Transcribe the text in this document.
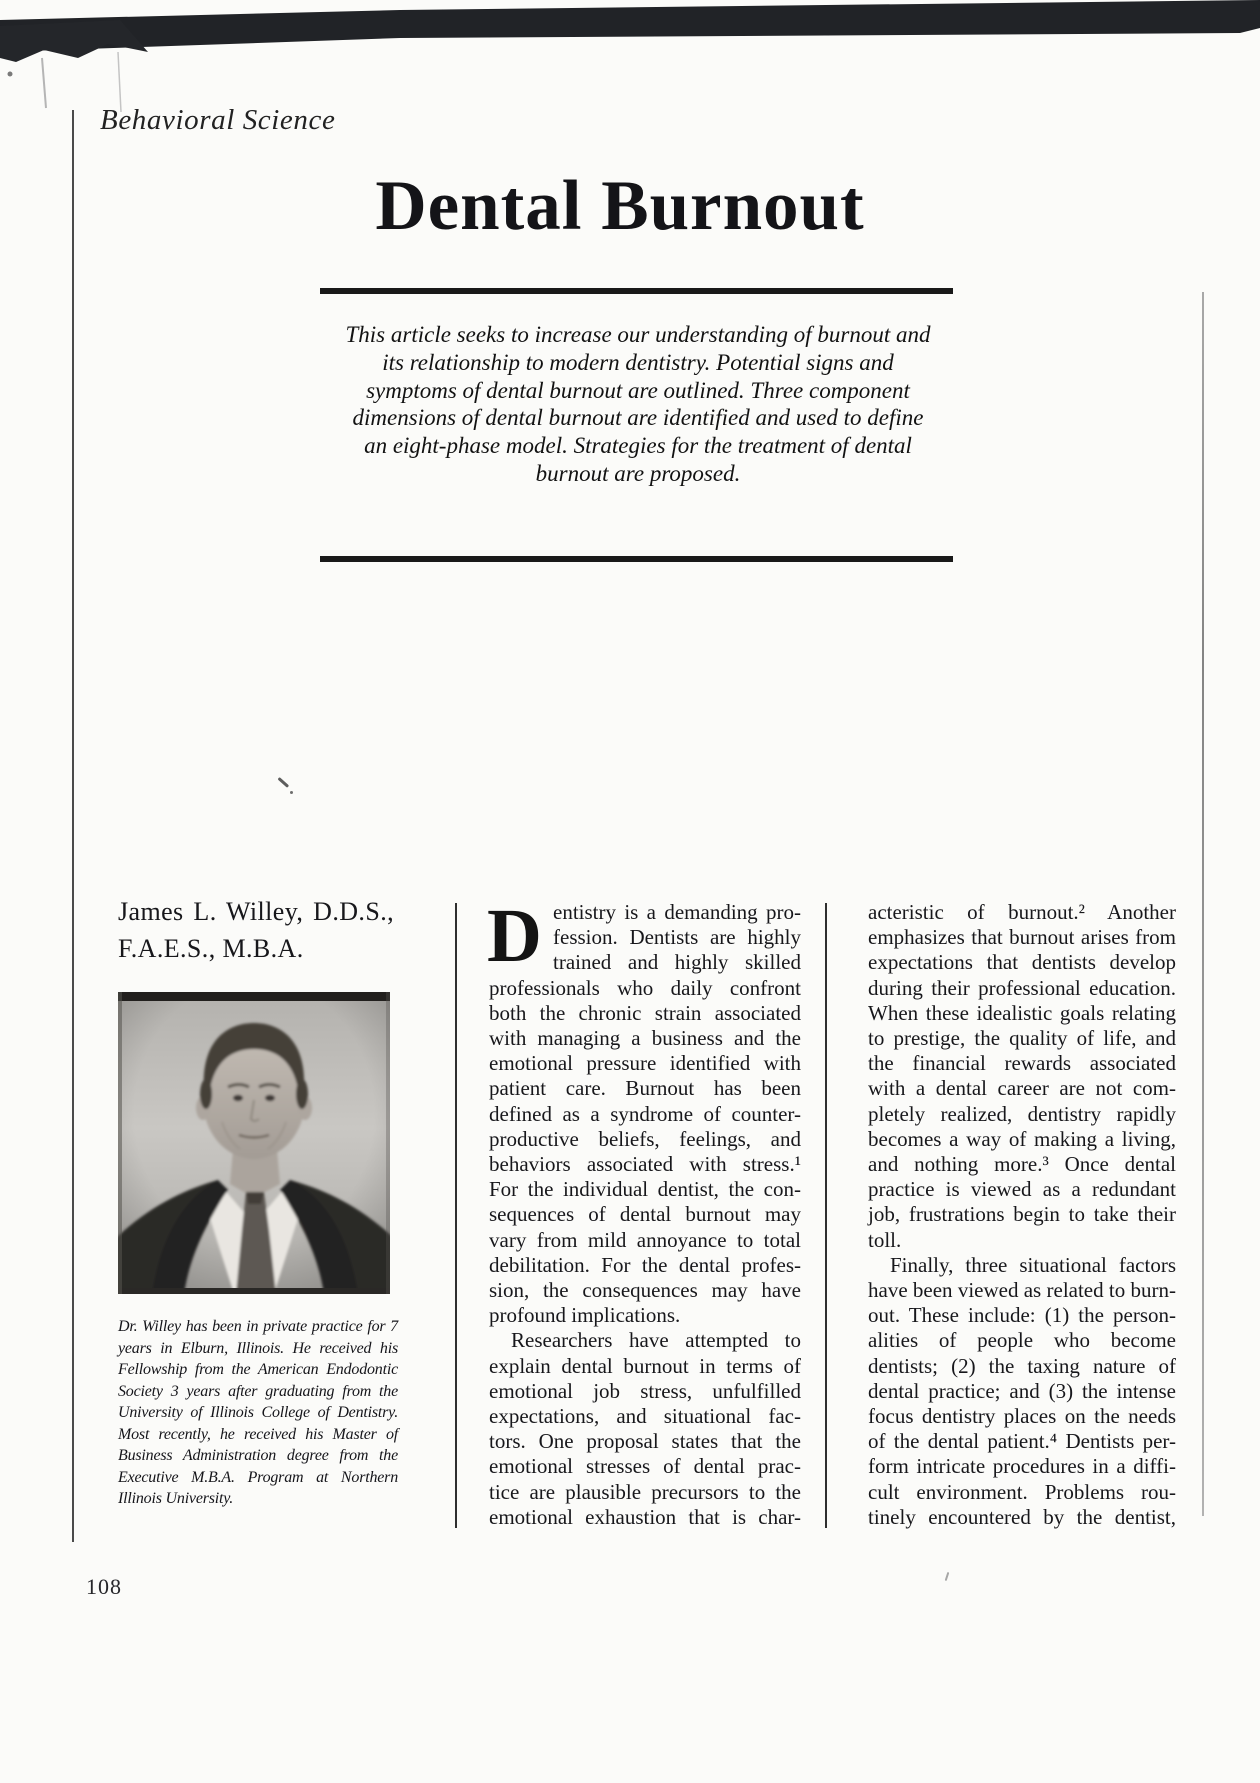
Behavioral Science
Dental Burnout
This article seeks to increase our understanding of burnout and
its relationship to modern dentistry. Potential signs and
symptoms of dental burnout are outlined. Three component
dimensions of dental burnout are identified and used to define
an eight-phase model. Strategies for the treatment of dental
burnout are proposed.
James L. Willey, D.D.S.,
F.A.E.S., M.B.A.
Dr. Willey has been in private practice for 7
years in Elburn, Illinois. He received his
Fellowship from the American Endodontic
Society 3 years after graduating from the
University of Illinois College of Dentistry.
Most recently, he received his Master of
Business Administration degree from the
Executive M.B.A. Program at Northern
Illinois University.
D entistry is a demanding pro-
fession. Dentists are highly
trained and highly skilled
professionals who daily confront
both the chronic strain associated
with managing a business and the
emotional pressure identified with
patient care. Burnout has been
defined as a syndrome of counter-
productive beliefs, feelings, and
behaviors associated with stress.¹
For the individual dentist, the con-
sequences of dental burnout may
vary from mild annoyance to total
debilitation. For the dental profes-
sion, the consequences may have
profound implications.
Researchers have attempted to
explain dental burnout in terms of
emotional job stress, unfulfilled
expectations, and situational fac-
tors. One proposal states that the
emotional stresses of dental prac-
tice are plausible precursors to the
emotional exhaustion that is char-
acteristic of burnout.² Another
emphasizes that burnout arises from
expectations that dentists develop
during their professional education.
When these idealistic goals relating
to prestige, the quality of life, and
the financial rewards associated
with a dental career are not com-
pletely realized, dentistry rapidly
becomes a way of making a living,
and nothing more.³ Once dental
practice is viewed as a redundant
job, frustrations begin to take their
toll.
Finally, three situational factors
have been viewed as related to burn-
out. These include: (1) the person-
alities of people who become
dentists; (2) the taxing nature of
dental practice; and (3) the intense
focus dentistry places on the needs
of the dental patient.⁴ Dentists per-
form intricate procedures in a diffi-
cult environment. Problems rou-
tinely encountered by the dentist,
108
